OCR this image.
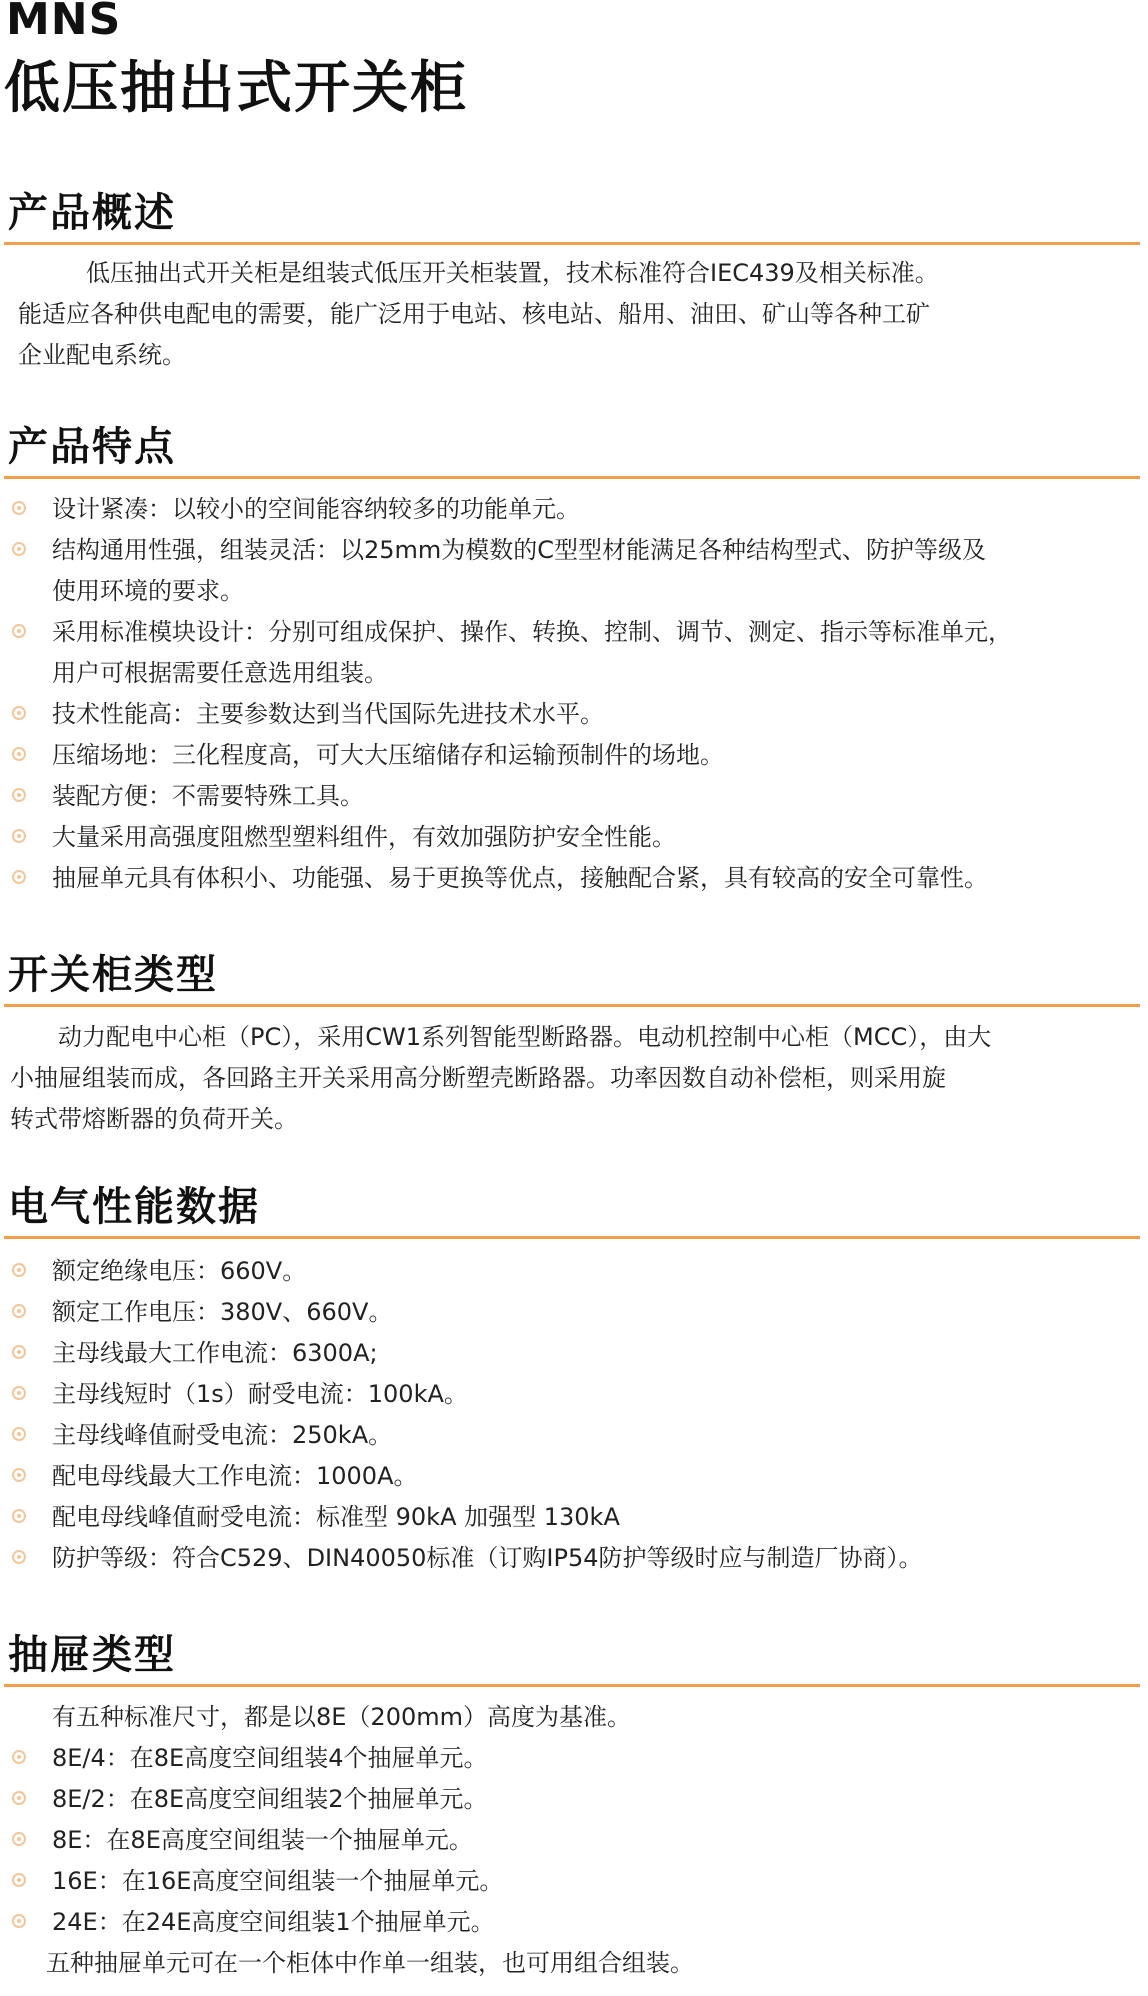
MNS
低压抽出式开关柜
产品概述

低压抽出式开关柜是组装式低压开关柜装置，技术标准符合IEC439及相关标准。

能适应各种供电配电的需要，能广泛用于电站、核电站、船用、油田、矿山等各种工矿

企业配电系统。

产品特点
设计紧凑：以较小的空间能容纳较多的功能单元。
结构通用性强，组装灵活：以25mm为模数的C型型材能满足各种结构型式、防护等级及
使用环境的要求。
采用标准模块设计：分别可组成保护、操作、转换、控制、调节、测定、指示等标准单元，
用户可根据需要任意选用组装。
技术性能高：主要参数达到当代国际先进技术水平。
压缩场地：三化程度高，可大大压缩储存和运输预制件的场地。
装配方便：不需要特殊工具。
大量采用高强度阻燃型塑料组件，有效加强防护安全性能。
抽屉单元具有体积小、功能强、易于更换等优点，接触配合紧，具有较高的安全可靠性。
开关柜类型

动力配电中心柜（PC），采用CW1系列智能型断路器。电动机控制中心柜（MCC），由大

小抽屉组装而成，各回路主开关采用高分断塑壳断路器。功率因数自动补偿柜，则采用旋

转式带熔断器的负荷开关。

电气性能数据
额定绝缘电压：660V。
额定工作电压：380V、660V。
主母线最大工作电流：6300A;
主母线短时（1s）耐受电流：100kA。
主母线峰值耐受电流：250kA。
配电母线最大工作电流：1000A。
配电母线峰值耐受电流：标准型 90kA 加强型 130kA
防护等级：符合C529、DIN40050标准（订购IP54防护等级时应与制造厂协商）。
抽屉类型

有五种标准尺寸，都是以8E（200mm）高度为基准。

8E/4：在8E高度空间组装4个抽屉单元。
8E/2：在8E高度空间组装2个抽屉单元。
8E：在8E高度空间组装一个抽屉单元。
16E：在16E高度空间组装一个抽屉单元。
24E：在24E高度空间组装1个抽屉单元。

五种抽屉单元可在一个柜体中作单一组装，也可用组合组装。
